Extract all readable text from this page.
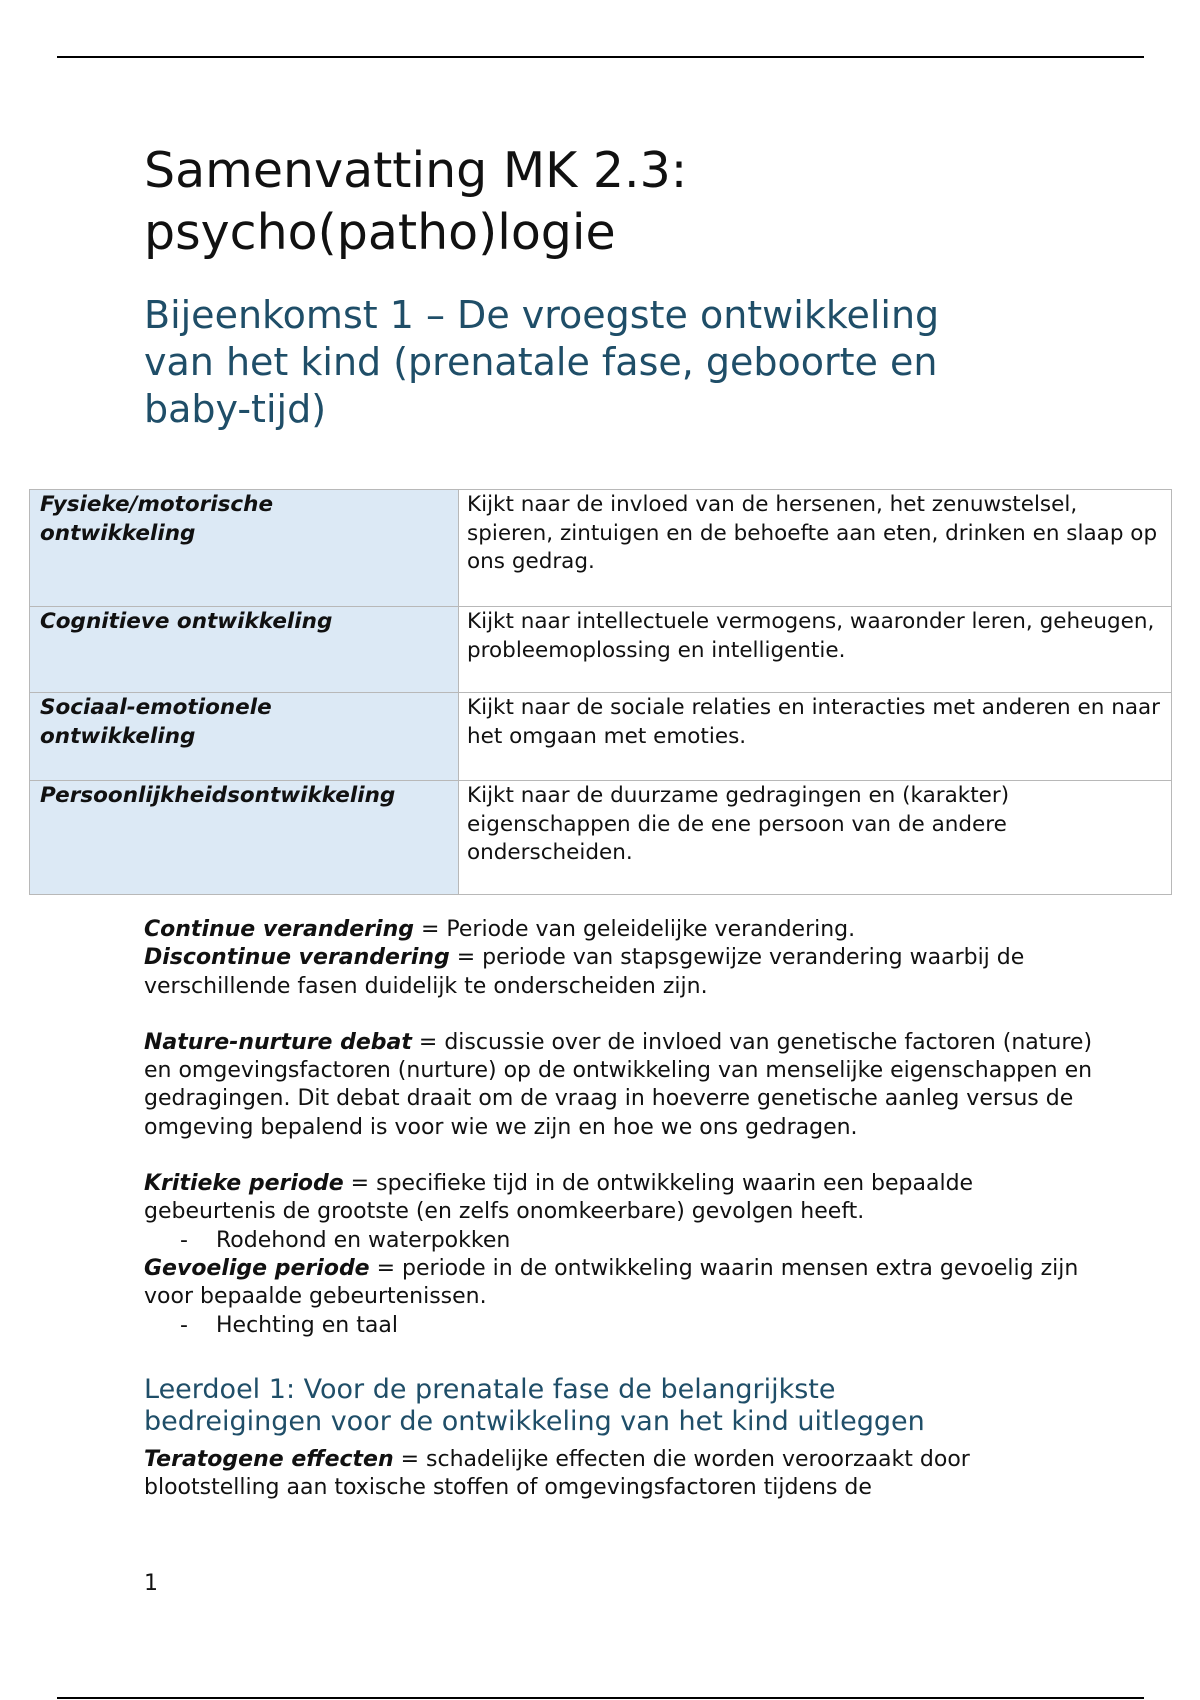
Samenvatting MK 2.3:
psycho(patho)logie
Bijeenkomst 1 – De vroegste ontwikkeling van het kind (prenatale fase, geboorte en baby-tijd)
Fysieke/motorische
ontwikkeling	Kijkt naar de invloed van de hersenen, het zenuwstelsel, spieren, zintuigen en de behoefte aan eten, drinken en slaap op ons gedrag.
Cognitieve ontwikkeling	Kijkt naar intellectuele vermogens, waaronder leren, geheugen, probleemoplossing en intelligentie.
Sociaal-emotionele
ontwikkeling	Kijkt naar de sociale relaties en interacties met anderen en naar het omgaan met emoties.
Persoonlijkheidsontwikkeling	Kijkt naar de duurzame gedragingen en (karakter) eigenschappen die de ene persoon van de andere onderscheiden.

Continue verandering = Periode van geleidelijke verandering.

Discontinue verandering = periode van stapsgewijze verandering waarbij de verschillende fasen duidelijk te onderscheiden zijn.

Nature-nurture debat = discussie over de invloed van genetische factoren (nature) en omgevingsfactoren (nurture) op de ontwikkeling van menselijke eigenschappen en gedragingen. Dit debat draait om de vraag in hoeverre genetische aanleg versus de omgeving bepalend is voor wie we zijn en hoe we ons gedragen.

Kritieke periode = specifieke tijd in de ontwikkeling waarin een bepaalde gebeurtenis de grootste (en zelfs onomkeerbare) gevolgen heeft.

- Rodehond en waterpokken

Gevoelige periode = periode in de ontwikkeling waarin mensen extra gevoelig zijn voor bepaalde gebeurtenissen.

- Hechting en taal

Leerdoel 1: Voor de prenatale fase de belangrijkste bedreigingen voor de ontwikkeling van het kind uitleggen

Teratogene effecten = schadelijke effecten die worden veroorzaakt door blootstelling aan toxische stoffen of omgevingsfactoren tijdens de

1
